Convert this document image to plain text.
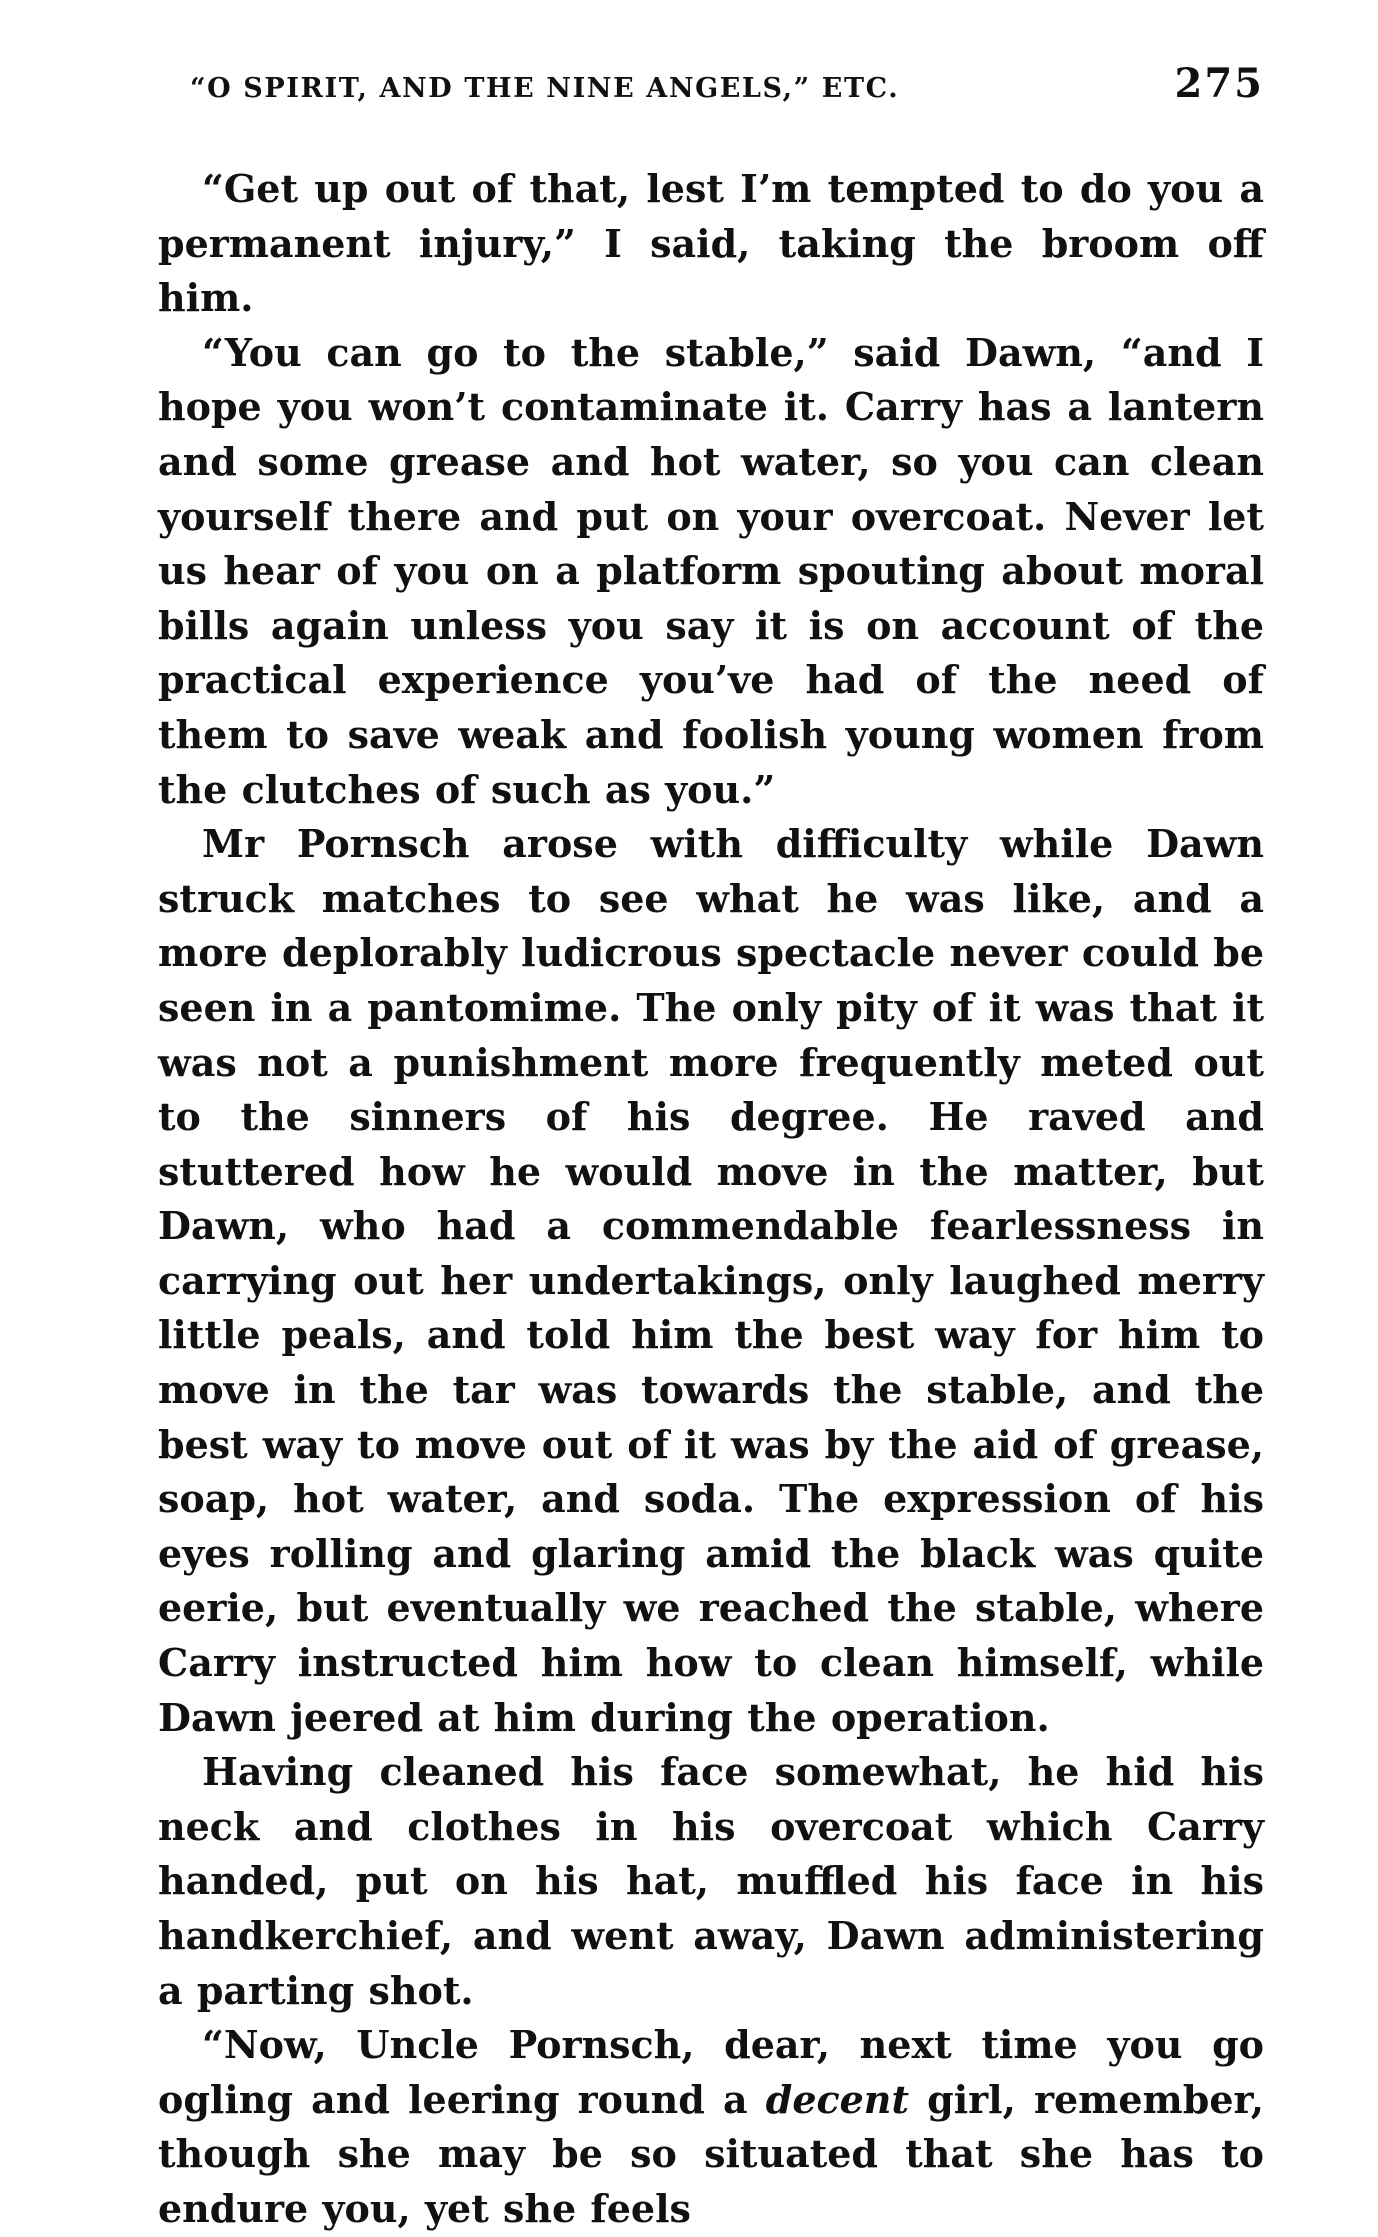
“O SPIRIT, AND THE NINE ANGELS,” ETC.	275

“Get up out of that, lest I’m tempted to do you a permanent injury,” I said, taking the broom off him.

“You can go to the stable,” said Dawn, “and I hope you won’t contaminate it. Carry has a lantern and some grease and hot water, so you can clean yourself there and put on your overcoat. Never let us hear of you on a platform spouting about moral bills again unless you say it is on account of the practical experience you’ve had of the need of them to save weak and foolish young women from the clutches of such as you.”

Mr Pornsch arose with difficulty while Dawn struck matches to see what he was like, and a more deplorably ludicrous spectacle never could be seen in a pantomime. The only pity of it was that it was not a punishment more frequently meted out to the sinners of his degree. He raved and stuttered how he would move in the matter, but Dawn, who had a commendable fearlessness in carrying out her undertakings, only laughed merry little peals, and told him the best way for him to move in the tar was towards the stable, and the best way to move out of it was by the aid of grease, soap, hot water, and soda. The expression of his eyes rolling and glaring amid the black was quite eerie, but eventually we reached the stable, where Carry instructed him how to clean himself, while Dawn jeered at him during the operation.

Having cleaned his face somewhat, he hid his neck and clothes in his overcoat which Carry handed, put on his hat, muffled his face in his handkerchief, and went away, Dawn administering a parting shot.

“Now, Uncle Pornsch, dear, next time you go ogling and leering round a decent girl, remember, though she may be so situated that she has to endure you, yet she feels
